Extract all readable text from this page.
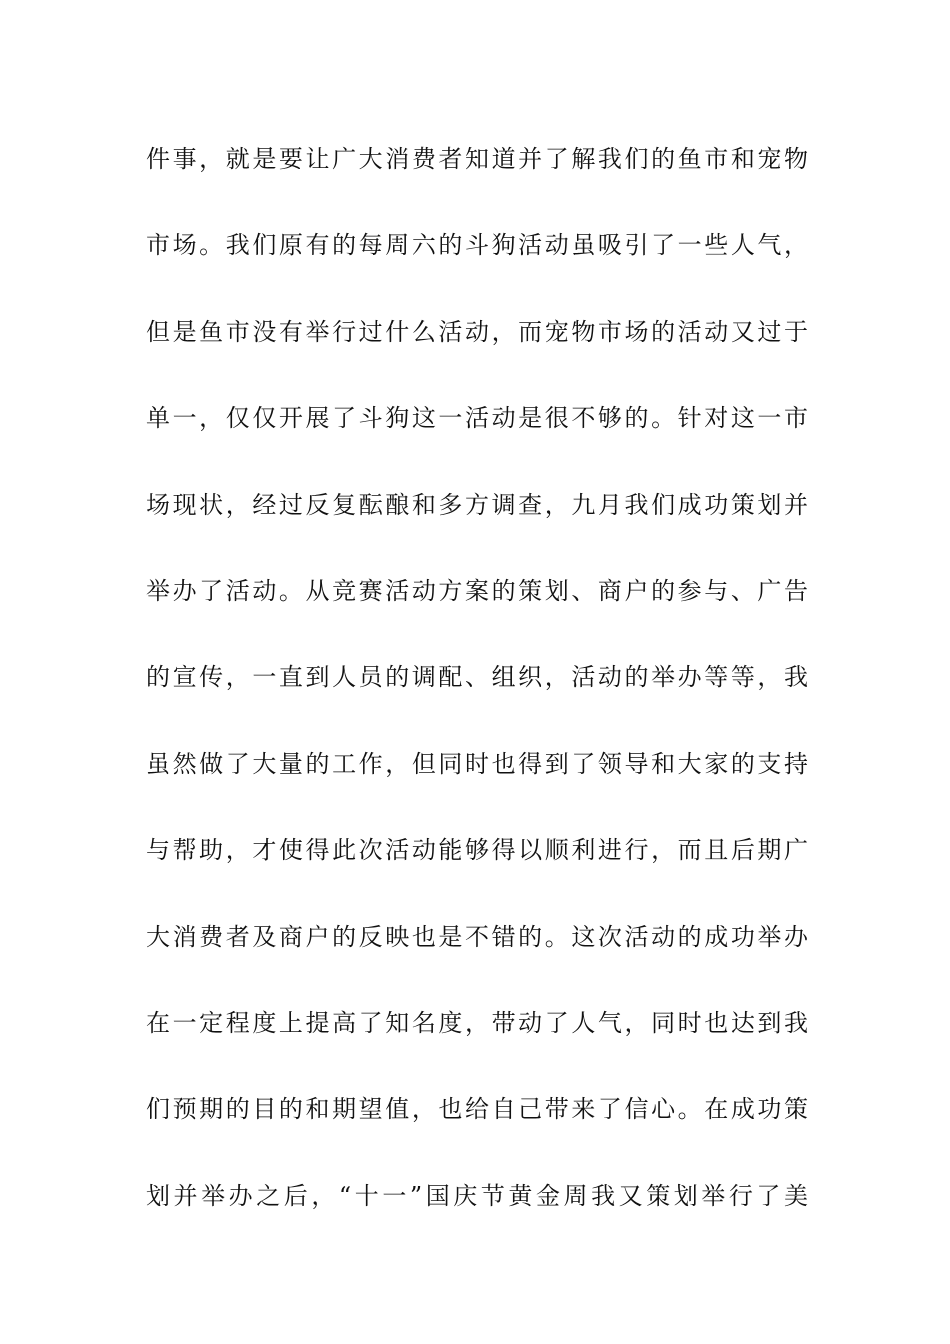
件事，就是要让广大消费者知道并了解我们的鱼市和宠物
市场。我们原有的每周六的斗狗活动虽吸引了一些人气，
但是鱼市没有举行过什么活动，而宠物市场的活动又过于
单一，仅仅开展了斗狗这一活动是很不够的。针对这一市
场现状，经过反复酝酿和多方调查，九月我们成功策划并
举办了活动。从竞赛活动方案的策划、商户的参与、广告
的宣传，一直到人员的调配、组织，活动的举办等等，我
虽然做了大量的工作，但同时也得到了领导和大家的支持
与帮助，才使得此次活动能够得以顺利进行，而且后期广
大消费者及商户的反映也是不错的。这次活动的成功举办
在一定程度上提高了知名度，带动了人气，同时也达到我
们预期的目的和期望值，也给自己带来了信心。在成功策
划并举办之后，“十一”国庆节黄金周我又策划举行了美
